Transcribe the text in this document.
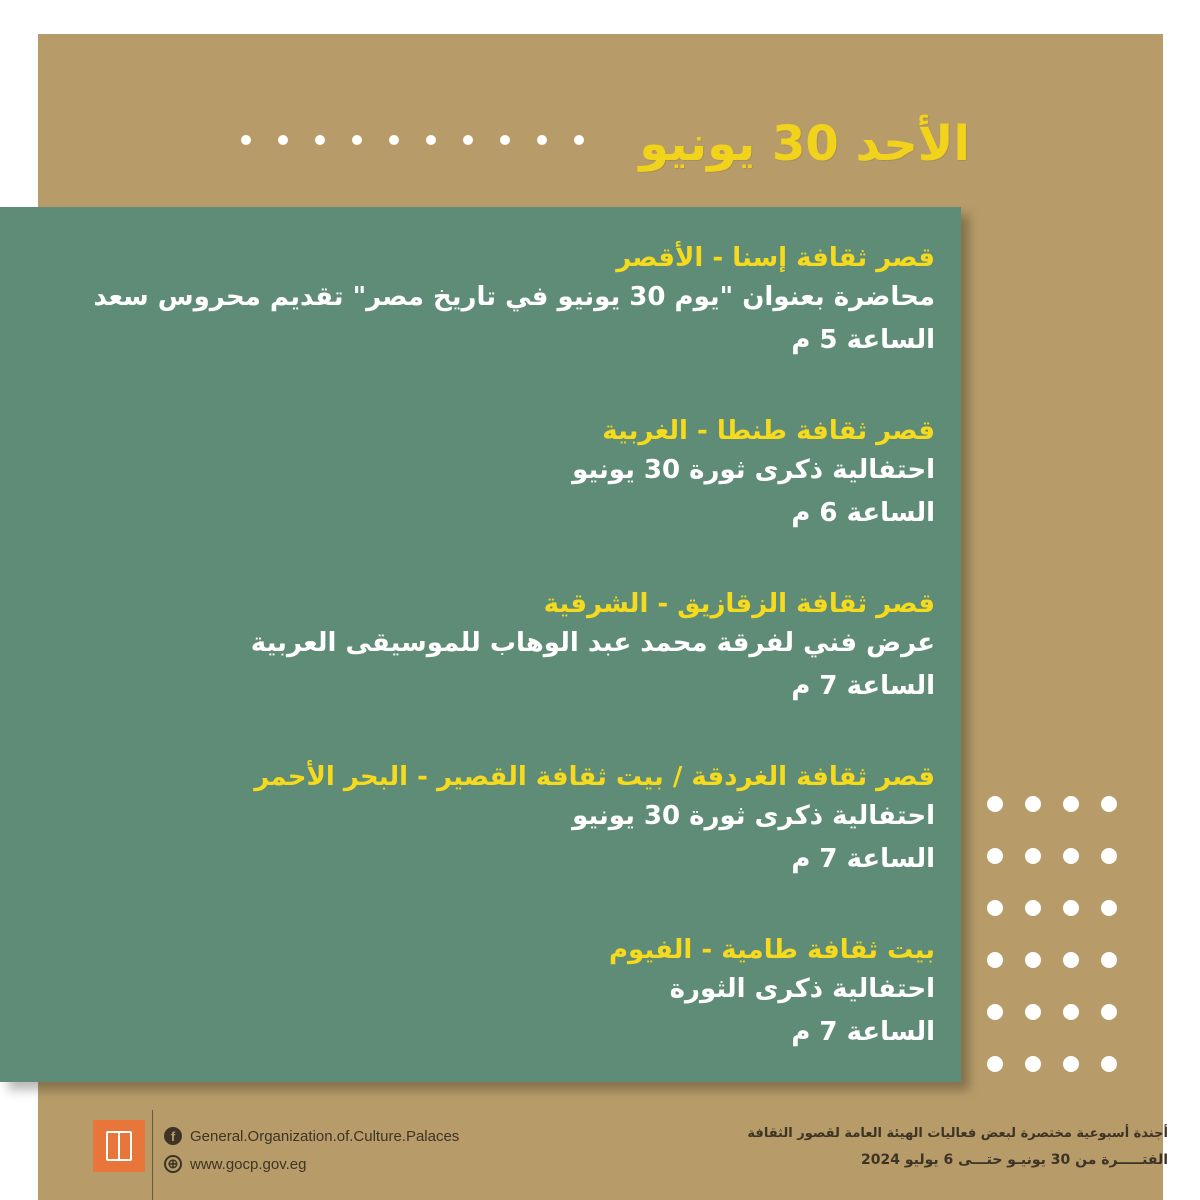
الأحد 30 يونيو
قصر ثقافة إسنا - الأقصر
محاضرة بعنوان "يوم 30 يونيو في تاريخ مصر" تقديم محروس سعد
الساعة 5 م
قصر ثقافة طنطا - الغربية
احتفالية ذكرى ثورة 30 يونيو
الساعة 6 م
قصر ثقافة الزقازيق - الشرقية
عرض فني لفرقة محمد عبد الوهاب للموسيقى العربية
الساعة 7 م
قصر ثقافة الغردقة / بيت ثقافة القصير - البحر الأحمر
احتفالية ذكرى ثورة 30 يونيو
الساعة 7 م
بيت ثقافة طامية - الفيوم
احتفالية ذكرى الثورة
الساعة 7 م
f General.Organization.of.Culture.Palaces
⊕ www.gocp.gov.eg
أجندة أسبوعية مختصرة لبعض فعاليات الهيئة العامة لقصور الثقافة
الفتـــــرة من 30 يونيـو حتـــى 6 يوليو 2024
